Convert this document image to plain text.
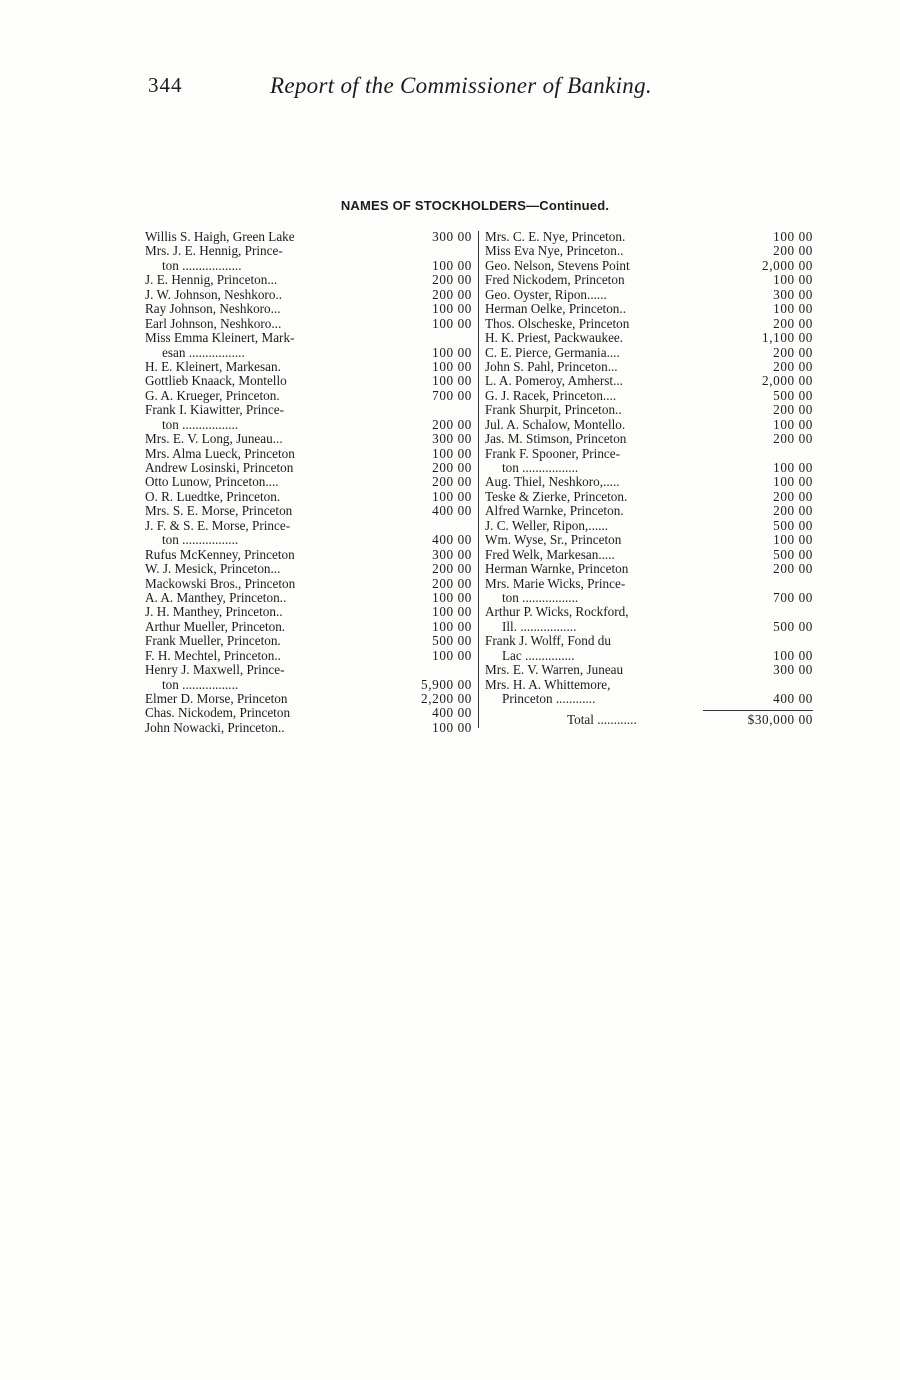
344	Report of the Commissioner of Banking.
NAMES OF STOCKHOLDERS—Continued.
Willis S. Haigh, Green Lake	300 00
Mrs. J. E. Hennig, Prince-
ton ..................	100 00
J. E. Hennig, Princeton...	200 00
J. W. Johnson, Neshkoro..	200 00
Ray Johnson, Neshkoro...	100 00
Earl Johnson, Neshkoro...	100 00
Miss Emma Kleinert, Mark-
esan .................	100 00
H. E. Kleinert, Markesan.	100 00
Gottlieb Knaack, Montello	100 00
G. A. Krueger, Princeton.	700 00
Frank I. Kiawitter, Prince-
ton .................	200 00
Mrs. E. V. Long, Juneau...	300 00
Mrs. Alma Lueck, Princeton	100 00
Andrew Losinski, Princeton	200 00
Otto Lunow, Princeton....	200 00
O. R. Luedtke, Princeton.	100 00
Mrs. S. E. Morse, Princeton	400 00
J. F. & S. E. Morse, Prince-
ton .................	400 00
Rufus McKenney, Princeton	300 00
W. J. Mesick, Princeton...	200 00
Mackowski Bros., Princeton	200 00
A. A. Manthey, Princeton..	100 00
J. H. Manthey, Princeton..	100 00
Arthur Mueller, Princeton.	100 00
Frank Mueller, Princeton.	500 00
F. H. Mechtel, Princeton..	100 00
Henry J. Maxwell, Prince-
ton .................	5,900 00
Elmer D. Morse, Princeton	2,200 00
Chas. Nickodem, Princeton	400 00
John Nowacki, Princeton..	100 00
Mrs. C. E. Nye, Princeton.	100 00
Miss Eva Nye, Princeton..	200 00
Geo. Nelson, Stevens Point	2,000 00
Fred Nickodem, Princeton	100 00
Geo. Oyster, Ripon......	300 00
Herman Oelke, Princeton..	100 00
Thos. Olscheske, Princeton	200 00
H. K. Priest, Packwaukee.	1,100 00
C. E. Pierce, Germania....	200 00
John S. Pahl, Princeton...	200 00
L. A. Pomeroy, Amherst...	2,000 00
G. J. Racek, Princeton....	500 00
Frank Shurpit, Princeton..	200 00
Jul. A. Schalow, Montello.	100 00
Jas. M. Stimson, Princeton	200 00
Frank F. Spooner, Prince-
ton .................	100 00
Aug. Thiel, Neshkoro,.....	100 00
Teske & Zierke, Princeton.	200 00
Alfred Warnke, Princeton.	200 00
J. C. Weller, Ripon,......	500 00
Wm. Wyse, Sr., Princeton	100 00
Fred Welk, Markesan.....	500 00
Herman Warnke, Princeton	200 00
Mrs. Marie Wicks, Prince-
ton .................	700 00
Arthur P. Wicks, Rockford,
Ill. .................	500 00
Frank J. Wolff, Fond du
Lac ...............	100 00
Mrs. E. V. Warren, Juneau	300 00
Mrs. H. A. Whittemore,
Princeton ............	400 00
Total ............	$30,000 00
